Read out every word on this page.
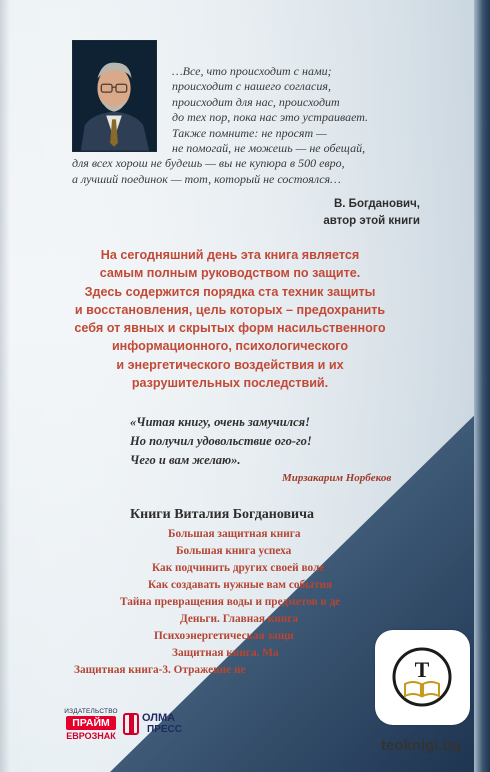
…Все, что происходит с нами;
происходит с нашего согласия,
происходит для нас, происходит
до тех пор, пока нас это устраивает.
Также помните: не просят —
не помогай, не можешь — не обещай,
для всех хорош не будешь — вы не купюра в 500 евро,
а лучший поединок — тот, который не состоялся…
В. Богданович,
автор этой книги
На сегодняшний день эта книга является
самым полным руководством по защите.
Здесь содержится порядка ста техник защиты
и восстановления, цель которых – предохранить
себя от явных и скрытых форм насильственного
информационного, психологического
и энергетического воздействия и их
разрушительных последствий.
«Читая книгу, очень замучился!
Но получил удовольствие ого-го!
Чего и вам желаю».
Мирзакарим Норбеков
Книги Виталия Богдановича
Большая защитная книга
Большая книга успеха
Как подчинить других своей воле
Как создавать нужные вам события
Тайна превращения воды и предметов в де
Деньги. Главная книга
Психоэнергетическая защи
Защитная книга. Ма
Защитная книга-3. Отражение не
ИЗДАТЕЛЬСТВО
ПРАЙМ
ЕВРОЗНАК
ОЛМА
ПРЕСС
T
teoknigi.bg
